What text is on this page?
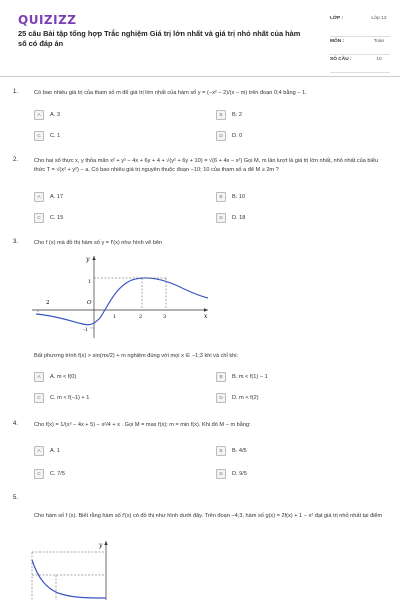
QUIZIZZ
25 câu Bài tập tổng hợp Trắc nghiệm Giá trị lớn nhất và giá trị nhỏ nhất của hàm số có đáp án
LỚP :	Lớp 12
MÔN :	Toán
SỐ CÂU :	10
1.	Có bao nhiêu giá trị của tham số m để giá trị lớn nhất của hàm số y = (−x² − 2)/(x − m) trên đoạn 0;4 bằng − 1.
A	A. 3	B	B. 2
C	C. 1	D	D. 0
2.	Cho hai số thực x, y thỏa mãn x² + y² − 4x + 6y + 4 + √(y² + 6y + 10) = √(6 + 4x − x²) Gọi M, m lần lượt là giá trị lớn nhất, nhỏ nhất của biểu thức T = √(x² + y²) − a. Có bao nhiêu giá trị nguyên thuộc đoạn −10; 10 của tham số a để M ≥ 2m ?
A	A. 17	B	B. 10
C	C. 15	D	D. 18
3.	Cho f (x) mà đồ thị hàm số y = f′(x) như hình vẽ bên
y
x
O
-1
1	2	3
2
1
Bất phương trình f(x) > sin(πx/2) + m nghiệm đúng với mọi x ∈ −1;3 khi và chỉ khi:
A	A. m < f(0)	B	B. m < f(1) − 1
C	C. m < f(−1) + 1	D	D. m < f(2)
4.	Cho f(x) = 1/(x³ − 4x + 5) − x²/4 + x . Gọi M = max f(x); m = min f(x). Khi đó M − m bằng:
A	A. 1	B	B. 4/5
C	C. 7/5	D	D. 9/5
5.
Cho hàm số f (x). Biết rằng hàm số f′(x) có đồ thị như hình dưới đây. Trên đoạn −4;3, hàm số g(x) = 2f(x) + 1 − x² đạt giá trị nhỏ nhất tại điểm
y
